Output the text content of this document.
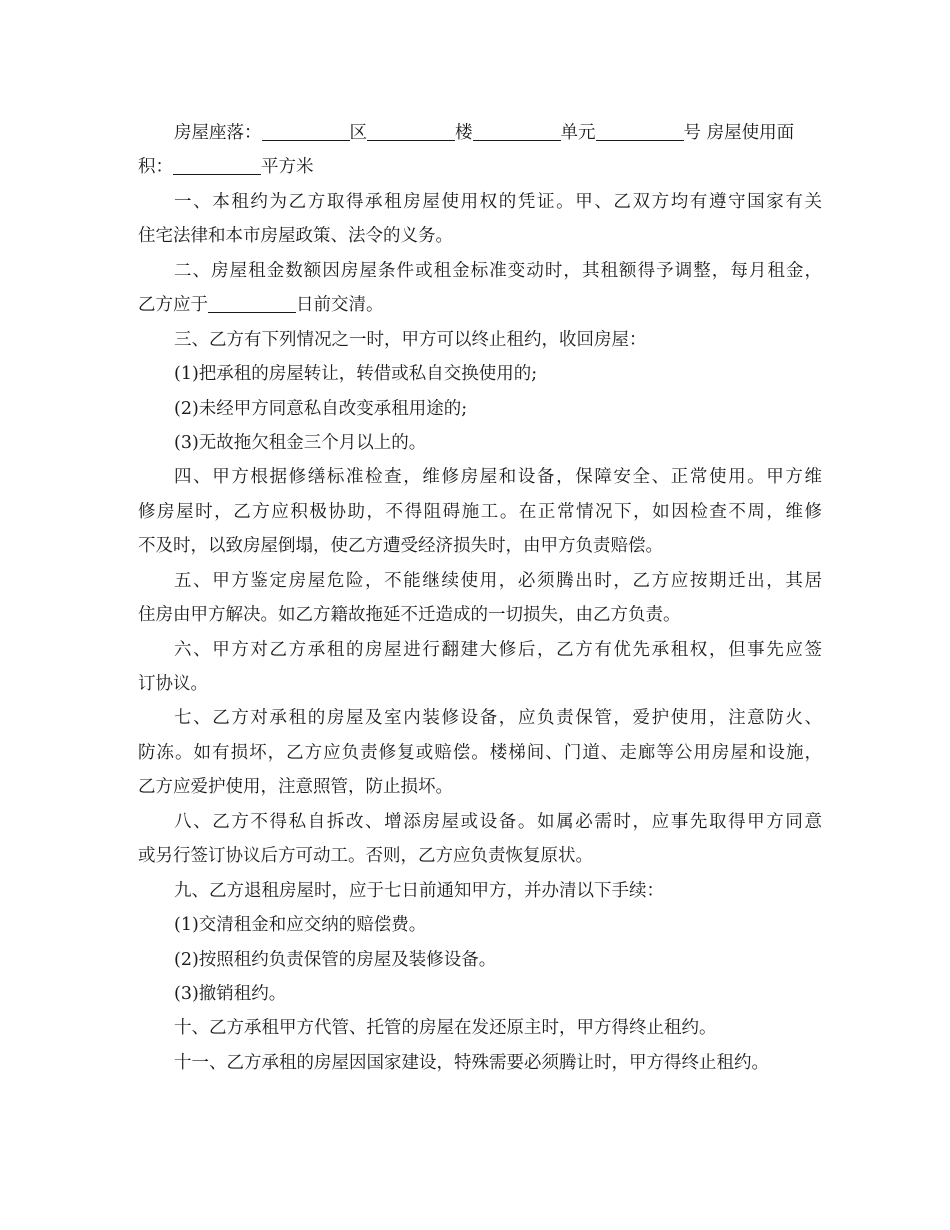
房屋座落：	区	楼	单元	号 房屋使用面
积：	平方米
一、本租约为乙方取得承租房屋使用权的凭证。甲、乙双方均有遵守国家有关
住宅法律和本市房屋政策、法令的义务。
二、房屋租金数额因房屋条件或租金标准变动时，其租额得予调整，每月租金，
乙方应于	日前交清。
三、乙方有下列情况之一时，甲方可以终止租约，收回房屋：
(1)把承租的房屋转让，转借或私自交换使用的;
(2)未经甲方同意私自改变承租用途的;
(3)无故拖欠租金三个月以上的。
四、甲方根据修缮标准检查，维修房屋和设备，保障安全、正常使用。甲方维
修房屋时，乙方应积极协助，不得阻碍施工。在正常情况下，如因检查不周，维修
不及时，以致房屋倒塌，使乙方遭受经济损失时，由甲方负责赔偿。
五、甲方鉴定房屋危险，不能继续使用，必须腾出时，乙方应按期迁出，其居
住房由甲方解决。如乙方籍故拖延不迁造成的一切损失，由乙方负责。
六、甲方对乙方承租的房屋进行翻建大修后，乙方有优先承租权，但事先应签
订协议。
七、乙方对承租的房屋及室内装修设备，应负责保管，爱护使用，注意防火、
防冻。如有损坏，乙方应负责修复或赔偿。楼梯间、门道、走廊等公用房屋和设施，
乙方应爱护使用，注意照管，防止损坏。
八、乙方不得私自拆改、增添房屋或设备。如属必需时，应事先取得甲方同意
或另行签订协议后方可动工。否则，乙方应负责恢复原状。
九、乙方退租房屋时，应于七日前通知甲方，并办清以下手续：
(1)交清租金和应交纳的赔偿费。
(2)按照租约负责保管的房屋及装修设备。
(3)撤销租约。
十、乙方承租甲方代管、托管的房屋在发还原主时，甲方得终止租约。
十一、乙方承租的房屋因国家建设，特殊需要必须腾让时，甲方得终止租约。
